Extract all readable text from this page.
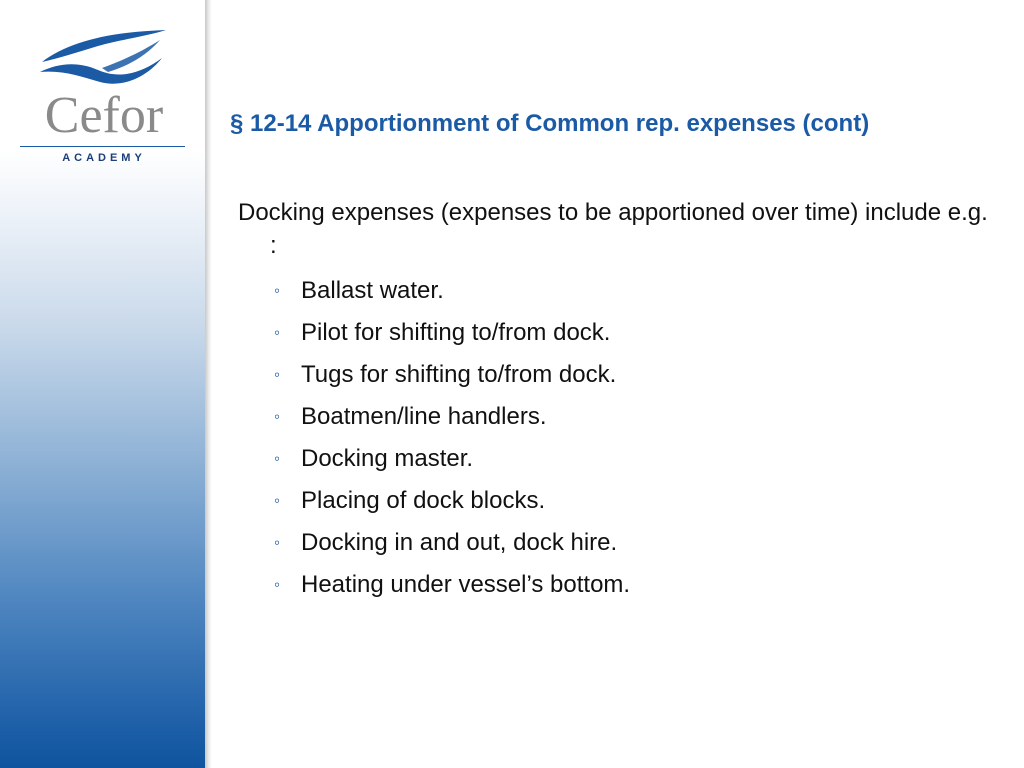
Cefor
ACADEMY
§ 12-14 Apportionment of Common rep. expenses (cont)

Docking expenses (expenses to be apportioned over time) include e.g. :

◦ Ballast water.
◦ Pilot for shifting to/from dock.
◦ Tugs for shifting to/from dock.
◦ Boatmen/line handlers.
◦ Docking master.
◦ Placing of dock blocks.
◦ Docking in and out, dock hire.
◦ Heating under vessel’s bottom.
